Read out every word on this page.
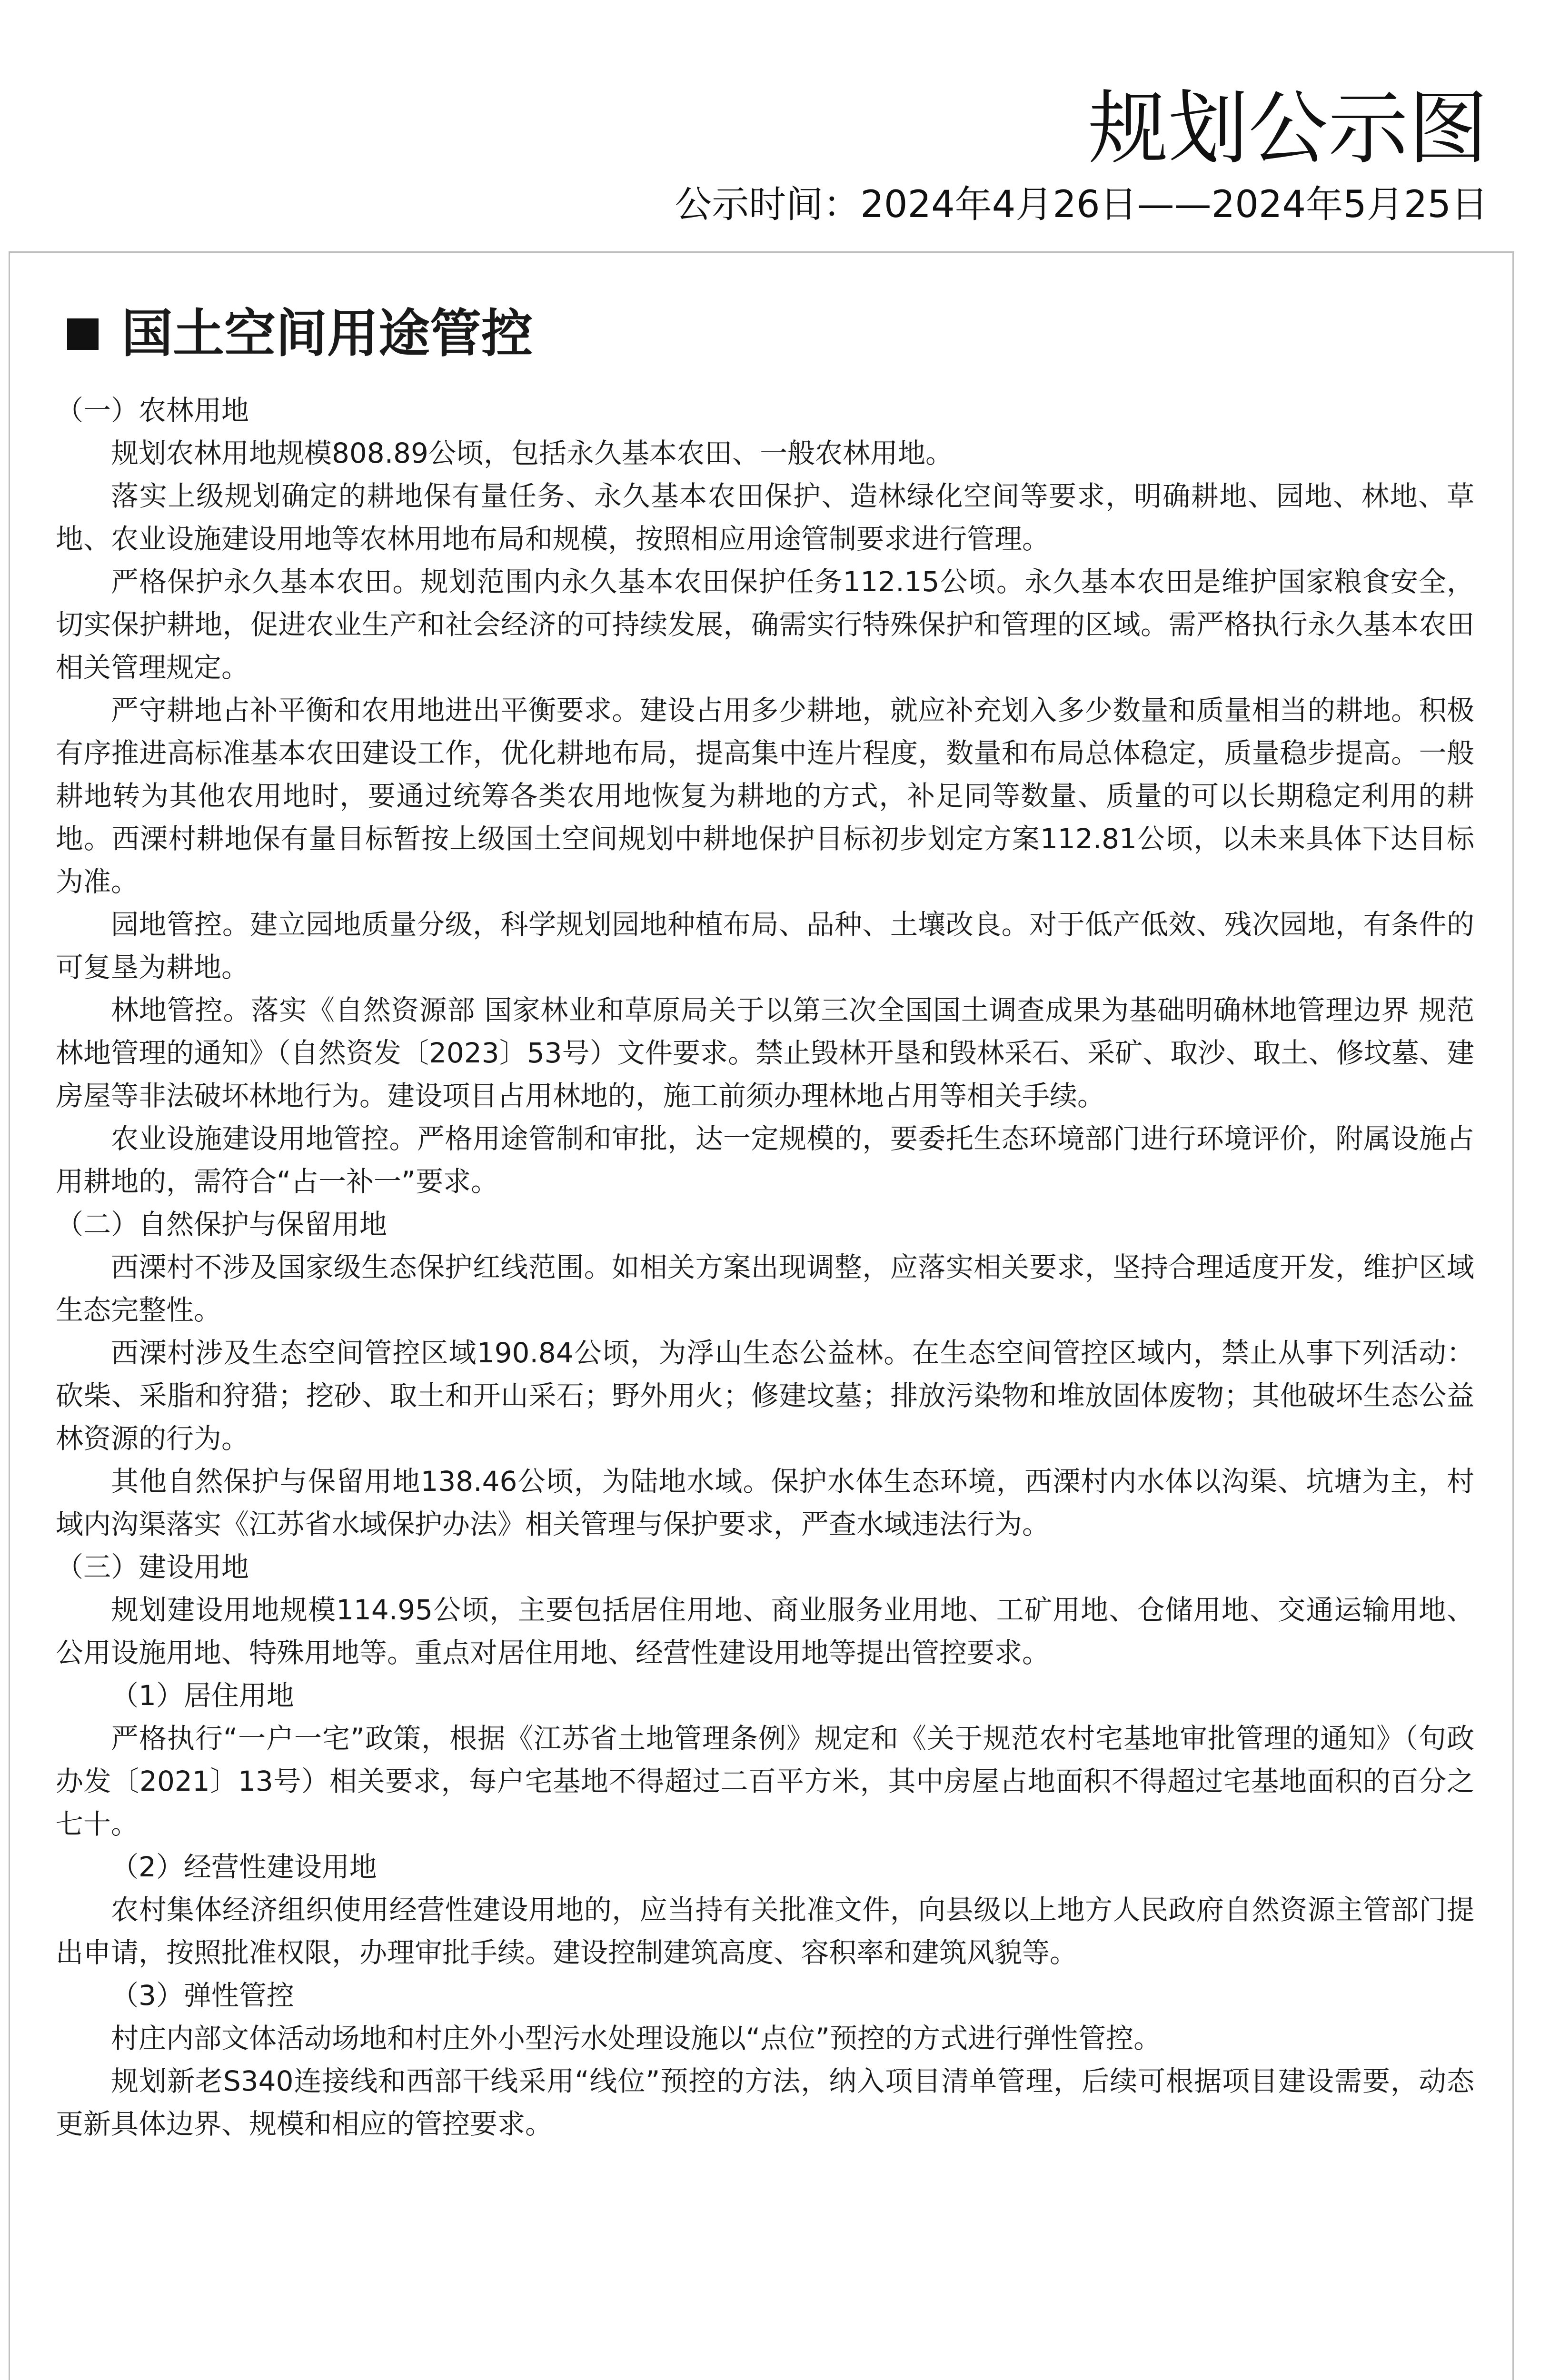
规划公示图
公示时间：2024年4月26日——2024年5月25日
国土空间用途管控

（一）农林用地

规划农林用地规模808.89公顷，包括永久基本农田、一般农林用地。

落实上级规划确定的耕地保有量任务、永久基本农田保护、造林绿化空间等要求，明确耕地、园地、林地、草地、农业设施建设用地等农林用地布局和规模，按照相应用途管制要求进行管理。

严格保护永久基本农田。规划范围内永久基本农田保护任务112.15公顷。永久基本农田是维护国家粮食安全，切实保护耕地，促进农业生产和社会经济的可持续发展，确需实行特殊保护和管理的区域。需严格执行永久基本农田相关管理规定。

严守耕地占补平衡和农用地进出平衡要求。建设占用多少耕地，就应补充划入多少数量和质量相当的耕地。积极有序推进高标准基本农田建设工作，优化耕地布局，提高集中连片程度，数量和布局总体稳定，质量稳步提高。一般耕地转为其他农用地时，要通过统筹各类农用地恢复为耕地的方式，补足同等数量、质量的可以长期稳定利用的耕地。西溧村耕地保有量目标暂按上级国土空间规划中耕地保护目标初步划定方案112.81公顷，以未来具体下达目标为准。

园地管控。建立园地质量分级，科学规划园地种植布局、品种、土壤改良。对于低产低效、残次园地，有条件的可复垦为耕地。

林地管控。落实《自然资源部 国家林业和草原局关于以第三次全国国土调查成果为基础明确林地管理边界 规范林地管理的通知》（自然资发〔2023〕53号）文件要求。禁止毁林开垦和毁林采石、采矿、取沙、取土、修坟墓、建房屋等非法破坏林地行为。建设项目占用林地的，施工前须办理林地占用等相关手续。

农业设施建设用地管控。严格用途管制和审批，达一定规模的，要委托生态环境部门进行环境评价，附属设施占用耕地的，需符合“占一补一”要求。

（二）自然保护与保留用地

西溧村不涉及国家级生态保护红线范围。如相关方案出现调整，应落实相关要求，坚持合理适度开发，维护区域生态完整性。

西溧村涉及生态空间管控区域190.84公顷，为浮山生态公益林。在生态空间管控区域内，禁止从事下列活动：砍柴、采脂和狩猎；挖砂、取土和开山采石；野外用火；修建坟墓；排放污染物和堆放固体废物；其他破坏生态公益林资源的行为。

其他自然保护与保留用地138.46公顷，为陆地水域。保护水体生态环境，西溧村内水体以沟渠、坑塘为主，村域内沟渠落实《江苏省水域保护办法》相关管理与保护要求，严查水域违法行为。

（三）建设用地

规划建设用地规模114.95公顷，主要包括居住用地、商业服务业用地、工矿用地、仓储用地、交通运输用地、公用设施用地、特殊用地等。重点对居住用地、经营性建设用地等提出管控要求。

（1）居住用地

严格执行“一户一宅”政策，根据《江苏省土地管理条例》规定和《关于规范农村宅基地审批管理的通知》（句政办发〔2021〕13号）相关要求，每户宅基地不得超过二百平方米，其中房屋占地面积不得超过宅基地面积的百分之七十。

（2）经营性建设用地

农村集体经济组织使用经营性建设用地的，应当持有关批准文件，向县级以上地方人民政府自然资源主管部门提出申请，按照批准权限，办理审批手续。建设控制建筑高度、容积率和建筑风貌等。

（3）弹性管控

村庄内部文体活动场地和村庄外小型污水处理设施以“点位”预控的方式进行弹性管控。

规划新老S340连接线和西部干线采用“线位”预控的方法，纳入项目清单管理，后续可根据项目建设需要，动态更新具体边界、规模和相应的管控要求。
